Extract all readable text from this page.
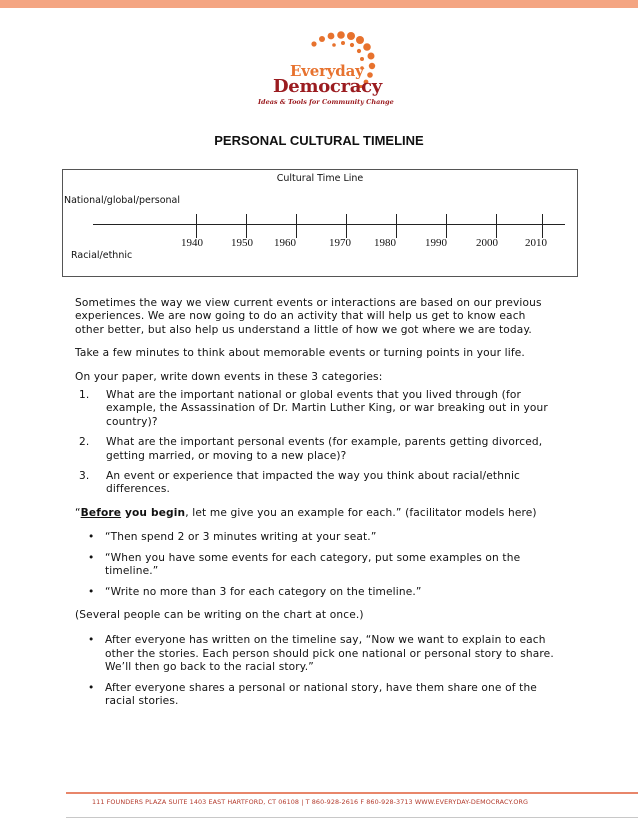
Everyday
Democracy
Ideas & Tools for Community Change
PERSONAL CULTURAL TIMELINE
Cultural Time Line
National/global/personal
Racial/ethnic
1940	1950 1960	1970 1980	1990	2000 2010

Sometimes the way we view current events or interactions are based on our previous experiences. We are now going to do an activity that will help us get to know each other better, but also help us understand a little of how we got where we are today.

Take a few minutes to think about memorable events or turning points in your life.

On your paper, write down events in these 3 categories:

1. What are the important national or global events that you lived through (for example, the Assassination of Dr. Martin Luther King, or war breaking out in your country)?
2. What are the important personal events (for example, parents getting divorced, getting married, or moving to a new place)?
3. An event or experience that impacted the way you think about racial/ethnic differences.

“Before you begin, let me give you an example for each.” (facilitator models here)

• “Then spend 2 or 3 minutes writing at your seat.”
• “When you have some events for each category, put some examples on the timeline.”
• “Write no more than 3 for each category on the timeline.”

(Several people can be writing on the chart at once.)

• After everyone has written on the timeline say, “Now we want to explain to each other the stories. Each person should pick one national or personal story to share. We’ll then go back to the racial story.”
• After everyone shares a personal or national story, have them share one of the racial stories.
111 FOUNDERS PLAZA SUITE 1403 EAST HARTFORD, CT 06108 | T 860-928-2616 F 860-928-3713 WWW.EVERYDAY-DEMOCRACY.ORG
